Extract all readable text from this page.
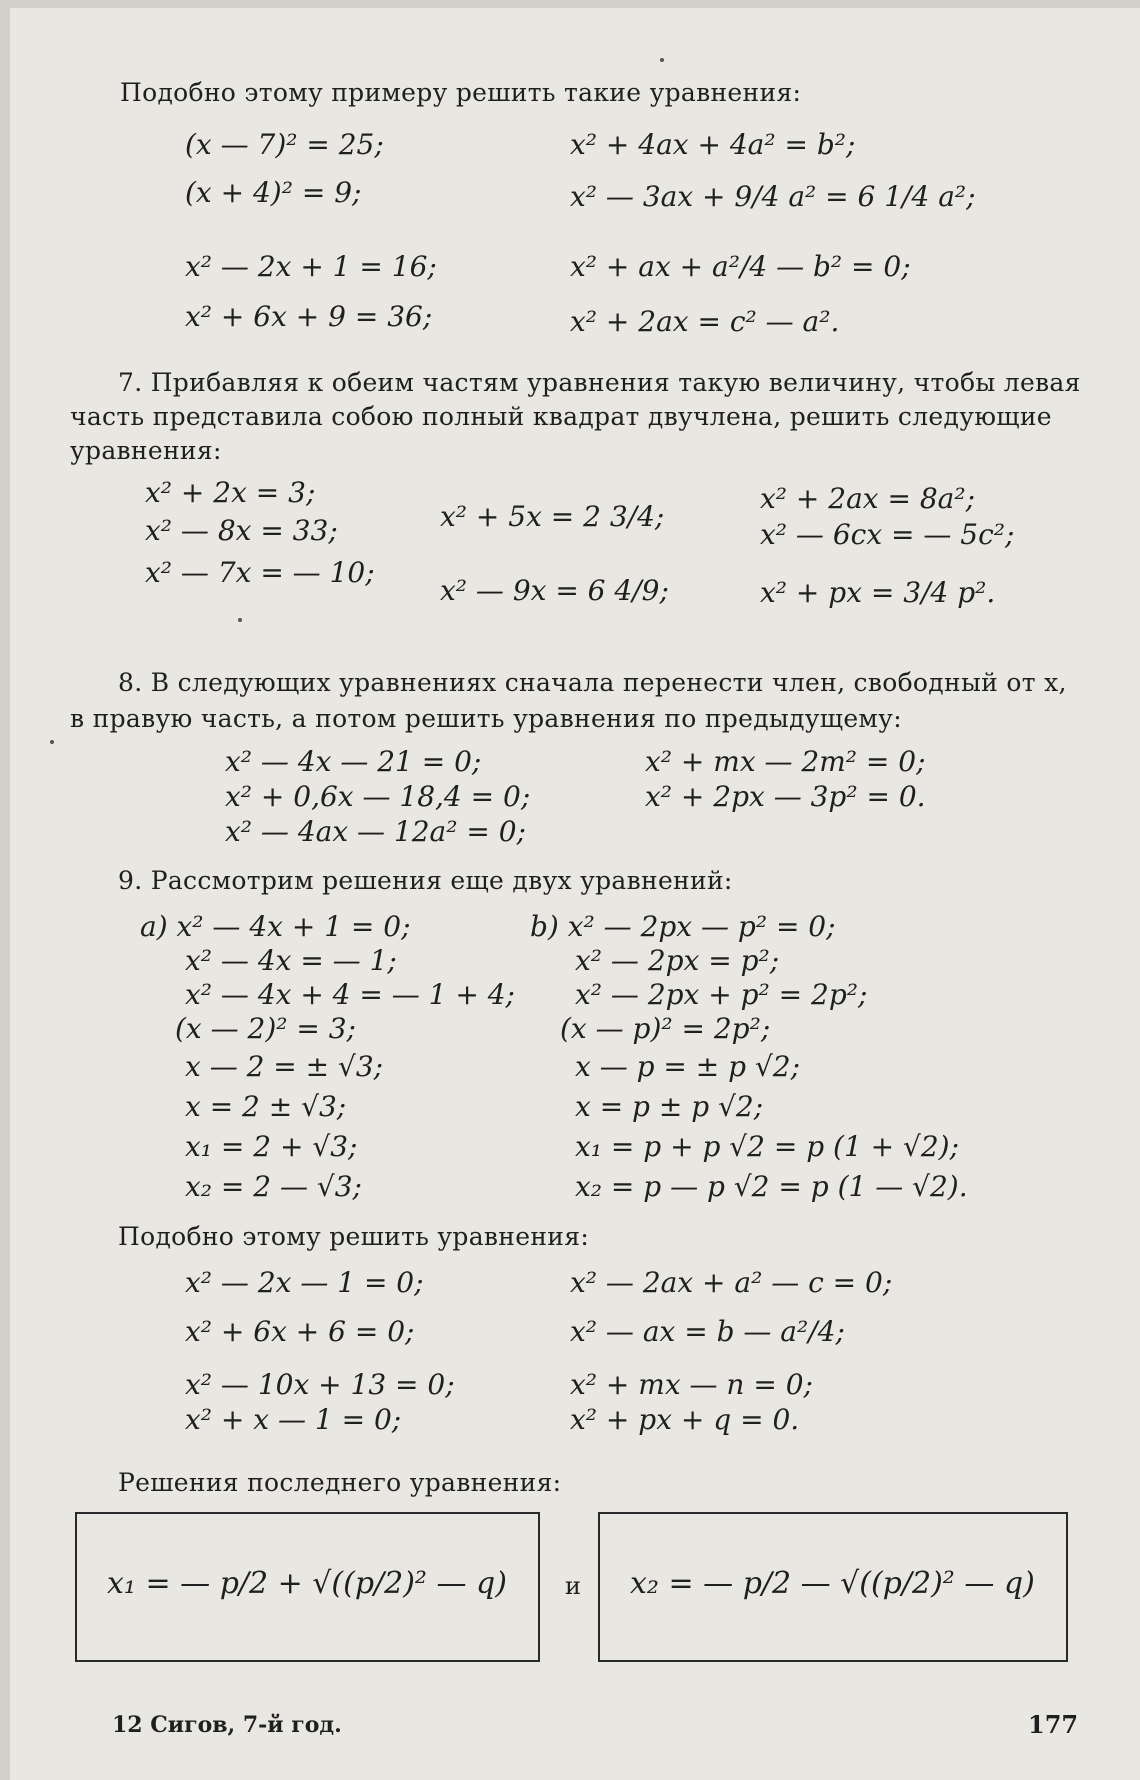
Подобно этому примеру решить такие уравнения:
(x — 7)² = 25;
(x + 4)² = 9;
x² — 2x + 1 = 16;
x² + 6x + 9 = 36;
x² + 4ax + 4a² = b²;
x² — 3ax + 9/4 a² = 6 1/4 a²;
x² + ax + a²/4 — b² = 0;
x² + 2ax = c² — a².
7. Прибавляя к обеим частям уравнения такую величину, чтобы левая
часть представила собою полный квадрат двучлена, решить следующие
уравнения:
x² + 2x = 3;
x² — 8x = 33;
x² — 7x = — 10;
x² + 5x = 2 3/4;
x² — 9x = 6 4/9;
x² + 2ax = 8a²;
x² — 6cx = — 5c²;
x² + px = 3/4 p².
8. В следующих уравнениях сначала перенести член, свободный от x,
в правую часть, а потом решить уравнения по предыдущему:
x² — 4x — 21 = 0;
x² + 0,6x — 18,4 = 0;
x² — 4ax — 12a² = 0;
x² + mx — 2m² = 0;
x² + 2px — 3p² = 0.
9. Рассмотрим решения еще двух уравнений:
a) x² — 4x + 1 = 0;
x² — 4x = — 1;
x² — 4x + 4 = — 1 + 4;
(x — 2)² = 3;
x — 2 = ± √3;
x = 2 ± √3;
x₁ = 2 + √3;
x₂ = 2 — √3;
b) x² — 2px — p² = 0;
x² — 2px = p²;
x² — 2px + p² = 2p²;
(x — p)² = 2p²;
x — p = ± p √2;
x = p ± p √2;
x₁ = p + p √2 = p (1 + √2);
x₂ = p — p √2 = p (1 — √2).
Подобно этому решить уравнения:
x² — 2x — 1 = 0;
x² + 6x + 6 = 0;
x² — 10x + 13 = 0;
x² + x — 1 = 0;
x² — 2ax + a² — c = 0;
x² — ax = b — a²/4;
x² + mx — n = 0;
x² + px + q = 0.
Решения последнего уравнения:
x₁ = — p/2 + √((p/2)² — q) и x₂ = — p/2 — √((p/2)² — q)
12 Сигов, 7-й год.	177
